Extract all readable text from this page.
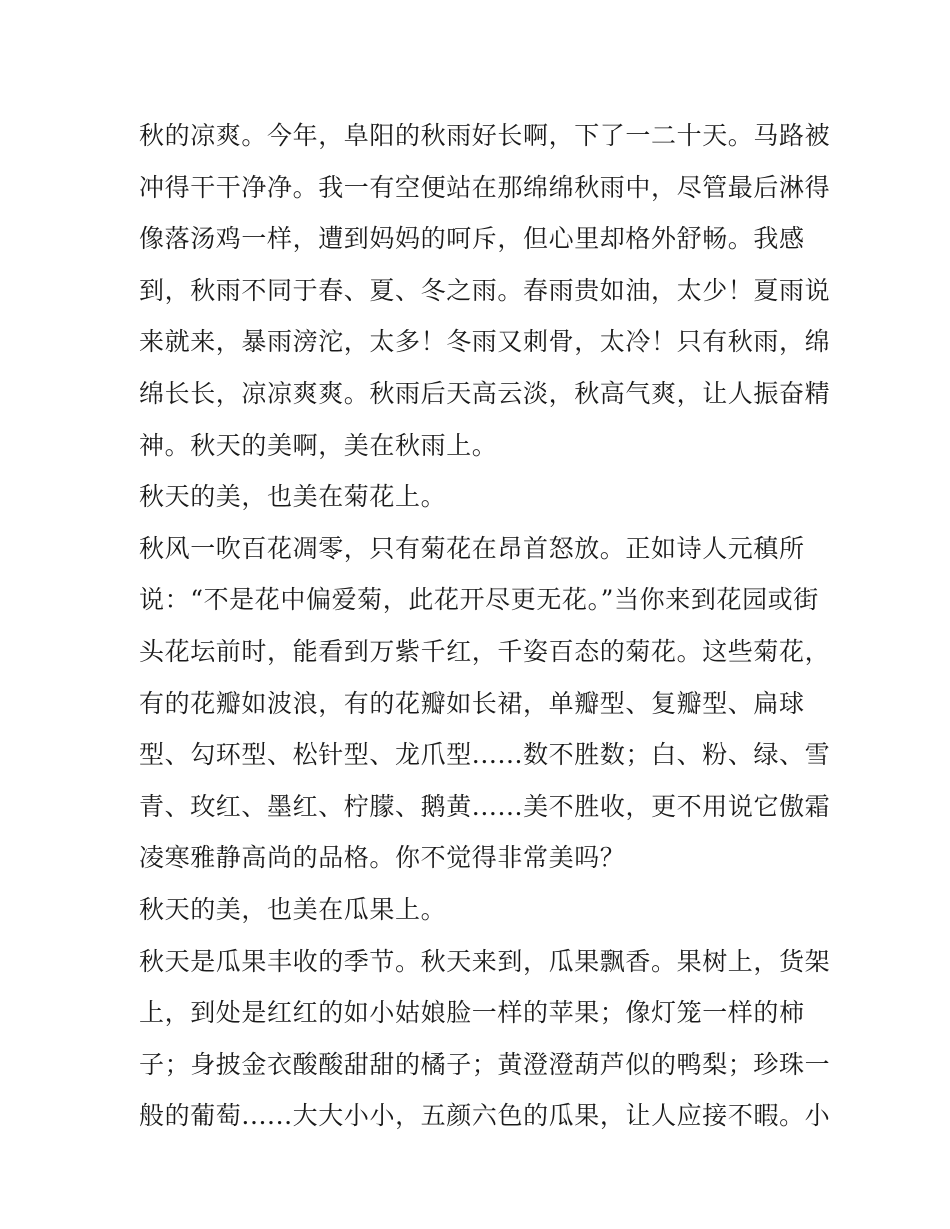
秋的凉爽。今年，阜阳的秋雨好长啊，下了一二十天。马路被
冲得干干净净。我一有空便站在那绵绵秋雨中，尽管最后淋得
像落汤鸡一样，遭到妈妈的呵斥，但心里却格外舒畅。我感
到，秋雨不同于春、夏、冬之雨。春雨贵如油，太少！夏雨说
来就来，暴雨滂沱，太多！冬雨又刺骨，太冷！只有秋雨，绵
绵长长，凉凉爽爽。秋雨后天高云淡，秋高气爽，让人振奋精
神。秋天的美啊，美在秋雨上。
秋天的美，也美在菊花上。
秋风一吹百花凋零，只有菊花在昂首怒放。正如诗人元稹所
说：“不是花中偏爱菊，此花开尽更无花。”当你来到花园或街
头花坛前时，能看到万紫千红，千姿百态的菊花。这些菊花，
有的花瓣如波浪，有的花瓣如长裙，单瓣型、复瓣型、扁球
型、勾环型、松针型、龙爪型......数不胜数；白、粉、绿、雪
青、玫红、墨红、柠朦、鹅黄......美不胜收，更不用说它傲霜
凌寒雅静高尚的品格。你不觉得非常美吗？
秋天的美，也美在瓜果上。
秋天是瓜果丰收的季节。秋天来到，瓜果飘香。果树上，货架
上，到处是红红的如小姑娘脸一样的苹果；像灯笼一样的柿
子；身披金衣酸酸甜甜的橘子；黄澄澄葫芦似的鸭梨；珍珠一
般的葡萄......大大小小，五颜六色的瓜果，让人应接不暇。小
